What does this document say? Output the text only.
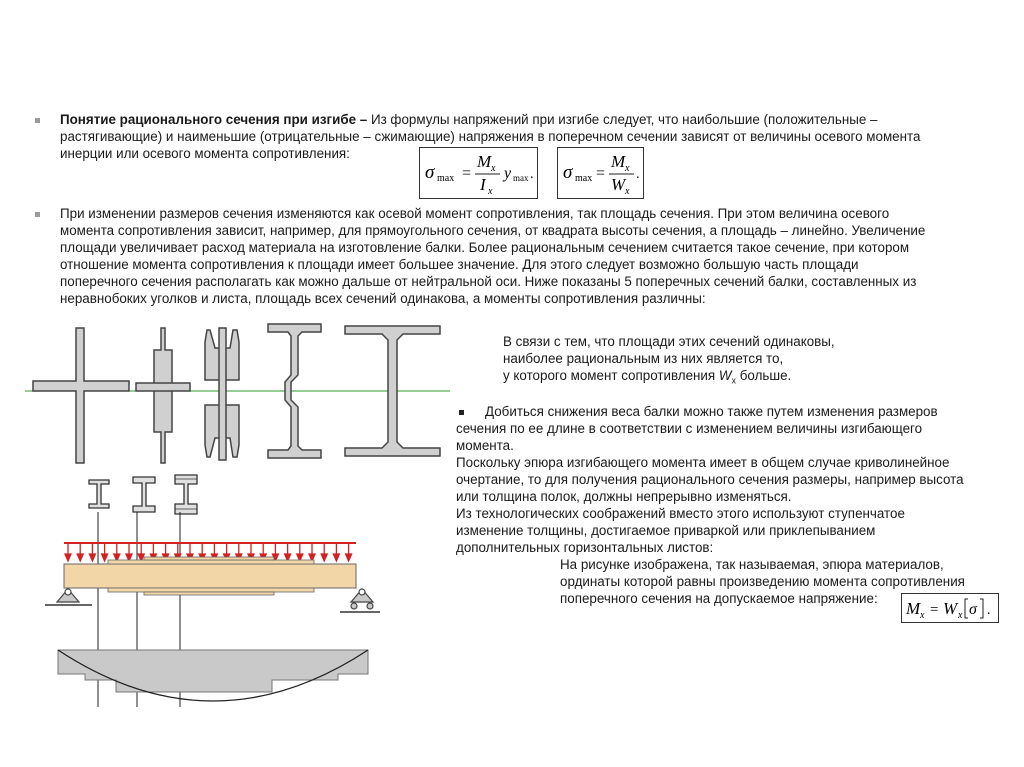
Понятие рационального сечения при изгибе – Из формулы напряжений при изгибе следует, что наибольшие (положительные –
растягивающие) и наименьшие (отрицательные – сжимающие) напряжения в поперечном сечении зависят от величины осевого момента
инерции или осевого момента сопротивления:
σ max =
M x
I x
y max . σ max =
M x
W x
.
При изменении размеров сечения изменяются как осевой момент сопротивления, так площадь сечения. При этом величина осевого
момента сопротивления зависит, например, для прямоугольного сечения, от квадрата высоты сечения, а площадь – линейно. Увеличение
площади увеличивает расход материала на изготовление балки. Более рациональным сечением считается такое сечение, при котором
отношение момента сопротивления к площади имеет большее значение. Для этого следует возможно большую часть площади
поперечного сечения располагать как можно дальше от нейтральной оси. Ниже показаны 5 поперечных сечений балки, составленных из
неравнобоких уголков и листа, площадь всех сечений одинакова, а моменты сопротивления различны:
В связи с тем, что площади этих сечений одинаковы,
наиболее рациональным из них является то,
у которого момент сопротивления $W_x$ больше.
Добиться снижения веса балки можно также путем изменения размеров
сечения по ее длине в соответствии с изменением величины изгибающего
момента.
Поскольку эпюра изгибающего момента имеет в общем случае криволинейное
очертание, то для получения рационального сечения размеры, например высота
или толщина полок, должны непрерывно изменяться.
Из технологических соображений вместо этого используют ступенчатое
изменение толщины, достигаемое приваркой или приклепыванием
дополнительных горизонтальных листов:
На рисунке изображена, так называемая, эпюра материалов,
ординаты которой равны произведению момента сопротивления
поперечного сечения на допускаемое напряжение:
M x = W x σ .
